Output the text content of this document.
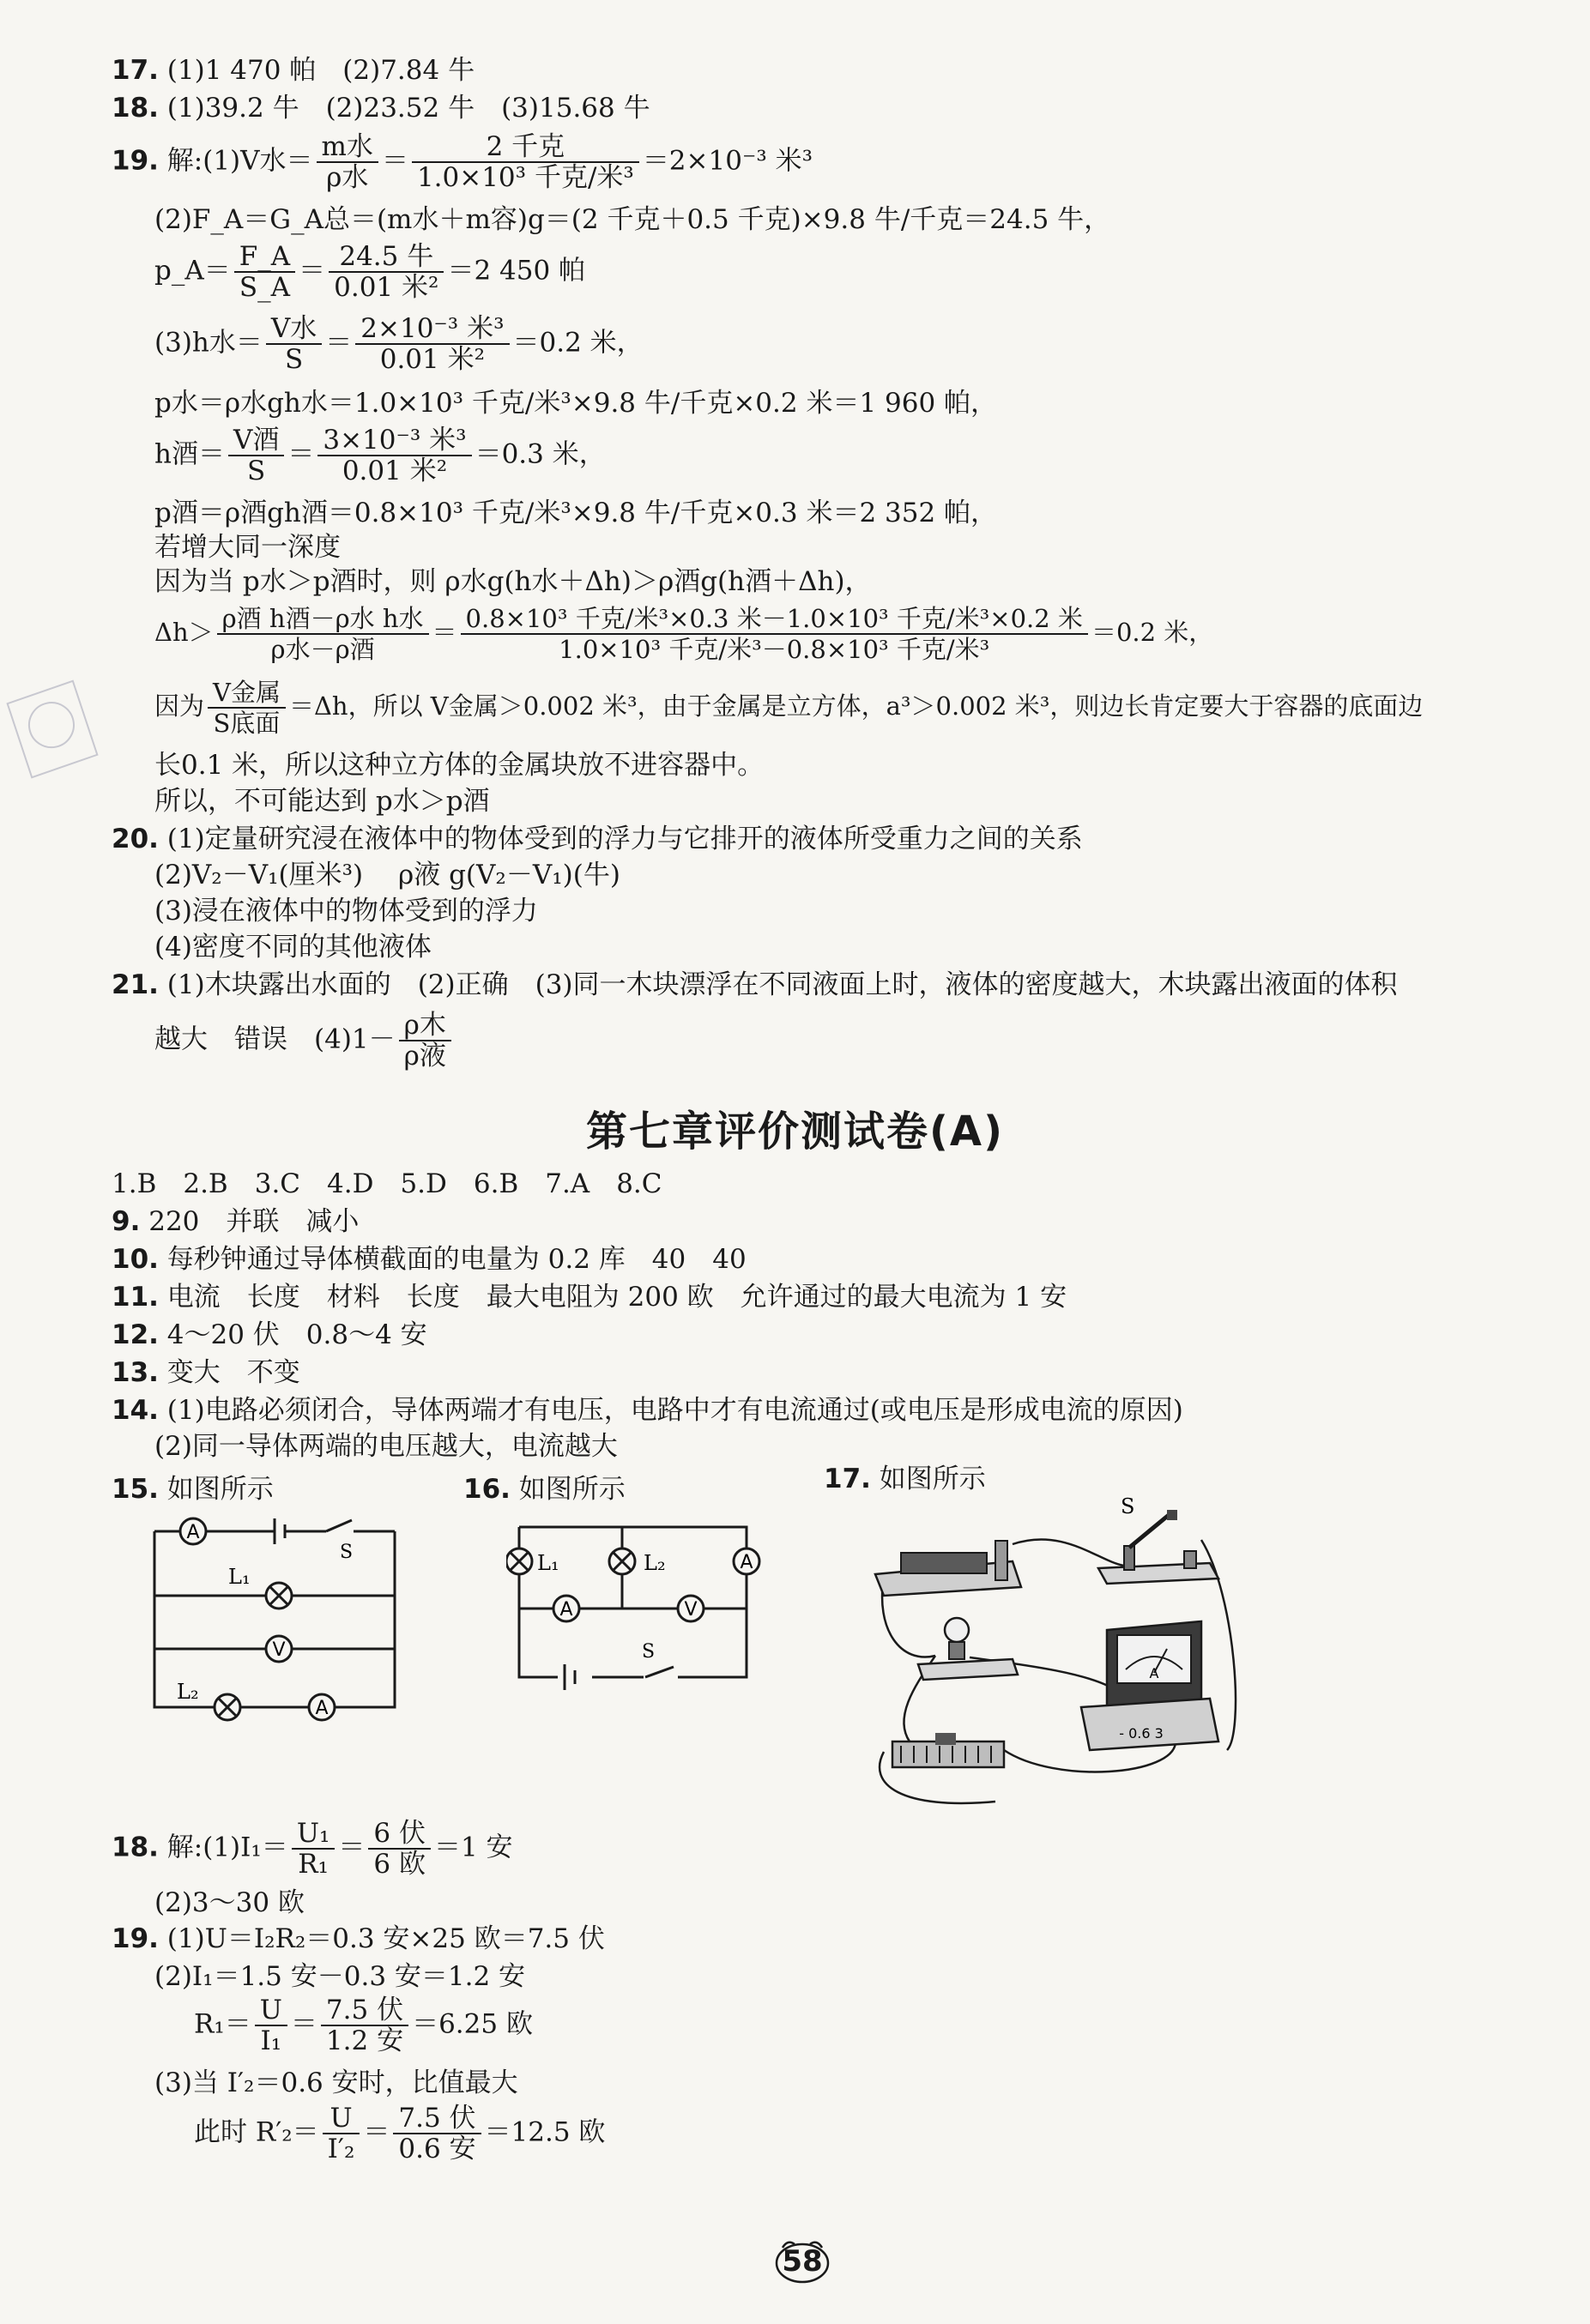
17. (1)1 470 帕　(2)7.84 牛
18. (1)39.2 牛　(2)23.52 牛　(3)15.68 牛
19. 解:(1)V水＝ $\frac{\text{m水}}{\text{ρ水}} = \frac{\text{2 千克}}{\text{1.0×10³ 千克/米³}} =2\times 10^{-3}$ 米³
(2)F_A＝G_A总＝(m水＋m容)g＝(2 千克＋0.5 千克)×9.8 牛/千克＝24.5 牛，
p_A＝ $\frac{F\_A}{S\_A} = \frac{\text{24.5 牛}}{\text{0.01 米²}} =2$ 450 帕
(3)h水＝ $\frac{\text{V水}}{S} = \frac{\text{2×10⁻³ 米³}}{\text{0.01 米²}} =0.2$ 米，
p水＝ρ水gh水＝1.0×10³ 千克/米³×9.8 牛/千克×0.2 米＝1 960 帕，
h酒＝ $\frac{\text{V酒}}{S} = \frac{\text{3×10⁻³ 米³}}{\text{0.01 米²}} =0.3$ 米，
p酒＝ρ酒gh酒＝0.8×10³ 千克/米³×9.8 牛/千克×0.3 米＝2 352 帕，
若增大同一深度
因为当 p水＞p酒时，则 ρ水g(h水＋Δh)＞ρ酒g(h酒＋Δh)，
$\Delta h> \frac{\text{ρ酒 h酒－ρ水 h水}}{\text{ρ水－ρ酒}} = \frac{\text{0.8×10³ 千克/米³×0.3 米－1.0×10³ 千克/米³×0.2 米}}{\text{1.0×10³ 千克/米³－0.8×10³ 千克/米³}} =0.2$ 米，
因为 $\frac{\text{V金属}}{\text{S底面}} =\Delta h$，所以 V金属＞0.002 米³，由于金属是立方体，a³＞0.002 米³，则边长肯定要大于容器的底面边
长0.1 米，所以这种立方体的金属块放不进容器中。
所以，不可能达到 p水＞p酒
20. (1)定量研究浸在液体中的物体受到的浮力与它排开的液体所受重力之间的关系
(2)V₂－V₁(厘米³)　 ρ液 g(V₂－V₁)(牛)
(3)浸在液体中的物体受到的浮力
(4)密度不同的其他液体
21. (1)木块露出水面的　(2)正确　(3)同一木块漂浮在不同液面上时，液体的密度越大，木块露出液面的体积
越大　错误　$(4)1- \frac{\text{ρ木}}{\text{ρ液}}$
第七章评价测试卷(A)
1.B　2.B　3.C　4.D　5.D　6.B　7.A　8.C
9. 220　并联　减小
10. 每秒钟通过导体横截面的电量为 0.2 库　40　40
11. 电流　长度　材料　长度　最大电阻为 200 欧　允许通过的最大电流为 1 安
12. 4～20 伏　0.8～4 安
13. 变大　不变
14. (1)电路必须闭合，导体两端才有电压，电路中才有电流通过(或电压是形成电流的原因)
(2)同一导体两端的电压越大，电流越大
15. 如图所示	16. 如图所示	17. 如图所示
A
S
L₁
V
L₂
A
S
L₁	L₂	A
A	V
S
A
- 0.6 3
18. 解:(1)I₁＝ $\frac{\text{U₁}}{\text{R₁}} = \frac{\text{6 伏}}{\text{6 欧}} =1$ 安
(2)3～30 欧
19. (1)U＝I₂R₂＝0.3 安×25 欧＝7.5 伏
(2)I₁＝1.5 安－0.3 安＝1.2 安
$R_1= \frac{U}{\text{I₁}} = \frac{\text{7.5 伏}}{\text{1.2 安}} =6.25$ 欧
(3)当 I′₂＝0.6 安时，比值最大
此时 $R'_2= \frac{U}{\text{I′₂}} = \frac{\text{7.5 伏}}{\text{0.6 安}} =12.5$ 欧
58
